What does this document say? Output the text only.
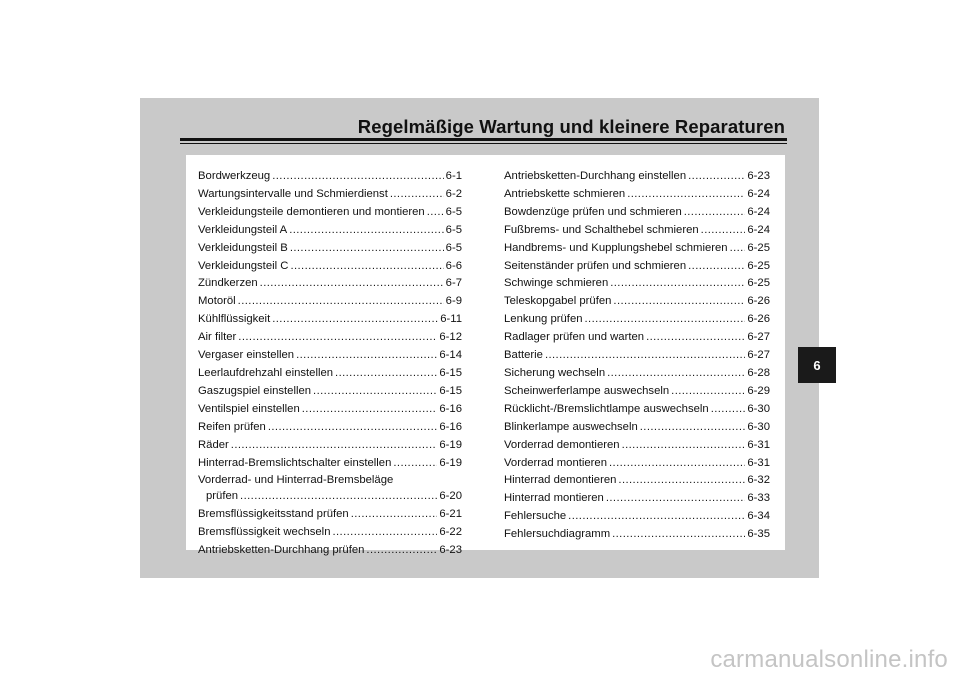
Regelmäßige Wartung und kleinere Reparaturen
Bordwerkzeug .....	6-1
Wartungsintervalle und Schmierdienst .....	6-2
Verkleidungsteile demontieren und montieren ..... 6-5
Verkleidungsteil A .....	6-5
Verkleidungsteil B .....	6-5
Verkleidungsteil C .....	6-6
Zündkerzen .....	6-7
Motoröl .....	6-9
Kühlflüssigkeit .....	6-11
Air filter .....	6-12
Vergaser einstellen .....	6-14
Leerlaufdrehzahl einstellen .....	6-15
Gaszugspiel einstellen .....	6-15
Ventilspiel einstellen .....	6-16
Reifen prüfen .....	6-16
Räder .....	6-19
Hinterrad-Bremslichtschalter einstellen .....	6-19
Vorderrad- und Hinterrad-Bremsbeläge
prüfen .....	6-20
Bremsflüssigkeitsstand prüfen .....	6-21
Bremsflüssigkeit wechseln .....	6-22
Antriebsketten-Durchhang prüfen .....	6-23
Antriebsketten-Durchhang einstellen .....	6-23
Antriebskette schmieren .....	6-24
Bowdenzüge prüfen und schmieren .....	6-24
Fußbrems- und Schalthebel schmieren .....	6-24
Handbrems- und Kupplungshebel schmieren ..... 6-25
Seitenständer prüfen und schmieren .....	6-25
Schwinge schmieren .....	6-25
Teleskopgabel prüfen .....	6-26
Lenkung prüfen .....	6-26
Radlager prüfen und warten .....	6-27
Batterie .....	6-27
Sicherung wechseln .....	6-28
Scheinwerferlampe auswechseln .....	6-29
Rücklicht-/Bremslichtlampe auswechseln .....	6-30
Blinkerlampe auswechseln .....	6-30
Vorderrad demontieren .....	6-31
Vorderrad montieren .....	6-31
Hinterrad demontieren .....	6-32
Hinterrad montieren .....	6-33
Fehlersuche .....	6-34
Fehlersuchdiagramm .....	6-35
6
carmanualsonline.info
